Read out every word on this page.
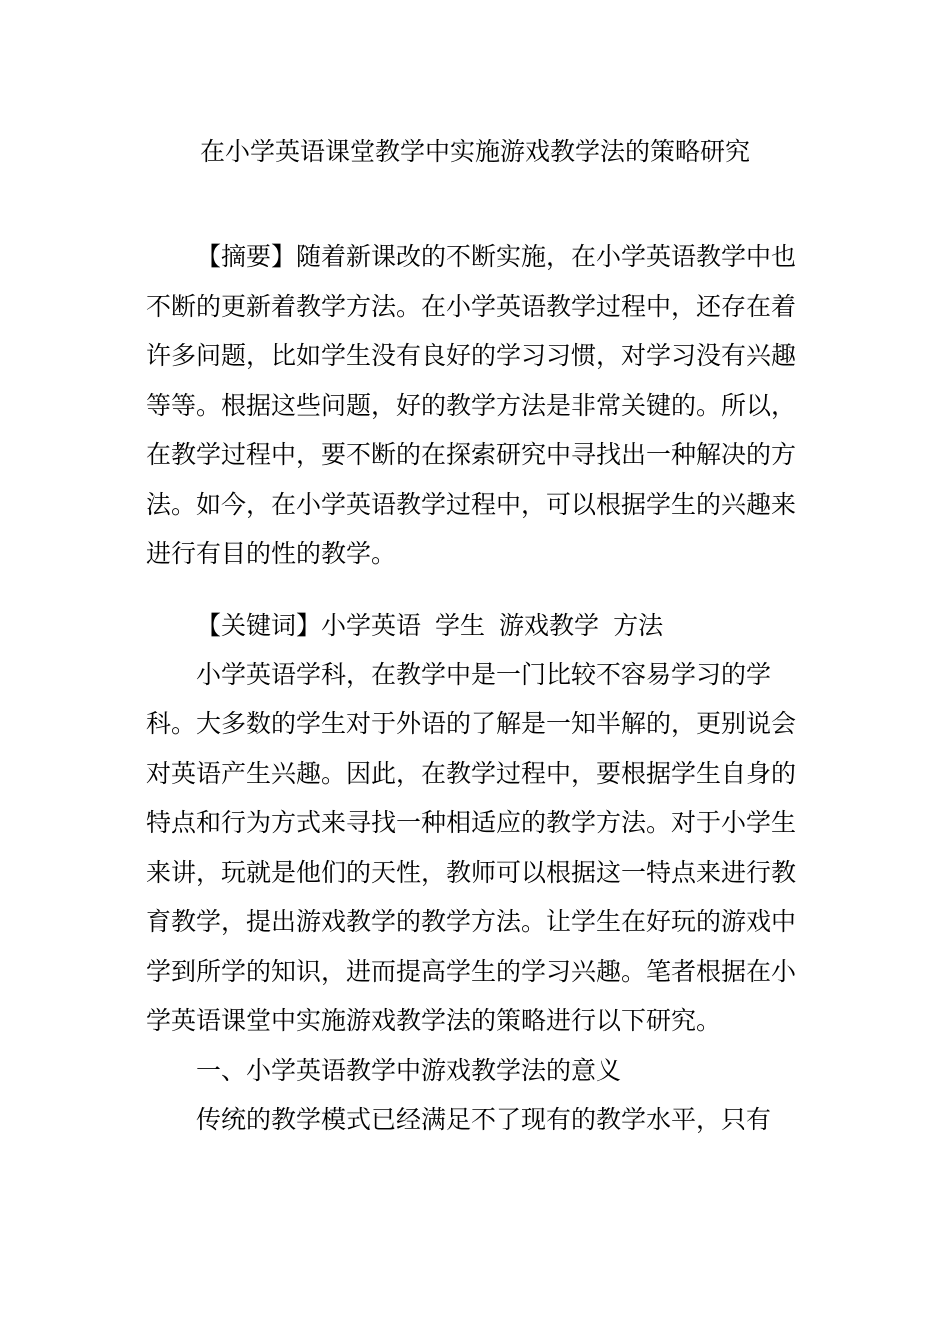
在小学英语课堂教学中实施游戏教学法的策略研究

【摘要】随着新课改的不断实施，在小学英语教学中也不断的更新着教学方法。在小学英语教学过程中，还存在着许多问题，比如学生没有良好的学习习惯，对学习没有兴趣等等。根据这些问题，好的教学方法是非常关键的。所以，在教学过程中，要不断的在探索研究中寻找出一种解决的方法。如今，在小学英语教学过程中，可以根据学生的兴趣来进行有目的性的教学。

【关键词】小学英语 学生 游戏教学 方法

小学英语学科，在教学中是一门比较不容易学习的学科。大多数的学生对于外语的了解是一知半解的，更别说会对英语产生兴趣。因此，在教学过程中，要根据学生自身的特点和行为方式来寻找一种相适应的教学方法。对于小学生来讲，玩就是他们的天性，教师可以根据这一特点来进行教育教学，提出游戏教学的教学方法。让学生在好玩的游戏中学到所学的知识，进而提高学生的学习兴趣。笔者根据在小学英语课堂中实施游戏教学法的策略进行以下研究。

一、小学英语教学中游戏教学法的意义

传统的教学模式已经满足不了现有的教学水平，只有
